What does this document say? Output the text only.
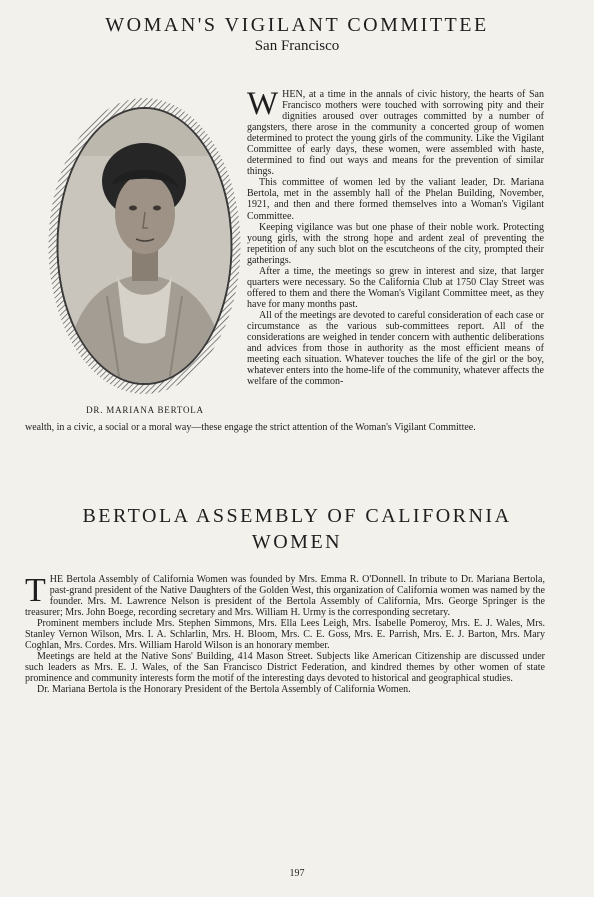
WOMAN'S VIGILANT COMMITTEE
San Francisco
DR. MARIANA BERTOLA

WHEN, at a time in the annals of civic history, the hearts of San Francisco mothers were touched with sorrowing pity and their dignities aroused over outrages committed by a number of gangsters, there arose in the community a concerted group of women determined to protect the young girls of the community. Like the Vigilant Committee of early days, these women, were assembled with haste, determined to find out ways and means for the prevention of similar things.

This committee of women led by the valiant leader, Dr. Mariana Bertola, met in the assembly hall of the Phelan Building, November, 1921, and then and there formed themselves into a Woman's Vigilant Committee.

Keeping vigilance was but one phase of their noble work. Protecting young girls, with the strong hope and ardent zeal of preventing the repetition of any such blot on the escutcheons of the city, prompted their gatherings.

After a time, the meetings so grew in interest and size, that larger quarters were necessary. So the California Club at 1750 Clay Street was offered to them and there the Woman's Vigilant Committee meet, as they have for many months past.

All of the meetings are devoted to careful consideration of each case or circumstance as the various sub-committees report. All of the considerations are weighed in tender concern with authentic deliberations and advices from those in authority as the most efficient means of meeting each situation. Whatever touches the life of the girl or the boy, whatever enters into the home-life of the community, whatever affects the welfare of the common-

wealth, in a civic, a social or a moral way—these engage the strict attention of the Woman's Vigilant Committee.

BERTOLA ASSEMBLY OF CALIFORNIA
WOMEN

THE Bertola Assembly of California Women was founded by Mrs. Emma R. O'Donnell. In tribute to Dr. Mariana Bertola, past-grand president of the Native Daughters of the Golden West, this organization of California women was named by the founder. Mrs. M. Lawrence Nelson is president of the Bertola Assembly of California, Mrs. George Springer is the treasurer; Mrs. John Boege, recording secretary and Mrs. William H. Urmy is the corresponding secretary.

Prominent members include Mrs. Stephen Simmons, Mrs. Ella Lees Leigh, Mrs. Isabelle Pomeroy, Mrs. E. J. Wales, Mrs. Stanley Vernon Wilson, Mrs. I. A. Schlarlin, Mrs. H. Bloom, Mrs. C. E. Goss, Mrs. E. Parrish, Mrs. E. J. Barton, Mrs. Mary Coghlan, Mrs. Cordes. Mrs. William Harold Wilson is an honorary member.

Meetings are held at the Native Sons' Building, 414 Mason Street. Subjects like American Citizenship are discussed under such leaders as Mrs. E. J. Wales, of the San Francisco District Federation, and kindred themes by other women of state prominence and community interests form the motif of the interesting days devoted to historical and geographical studies.

Dr. Mariana Bertola is the Honorary President of the Bertola Assembly of California Women.

197
